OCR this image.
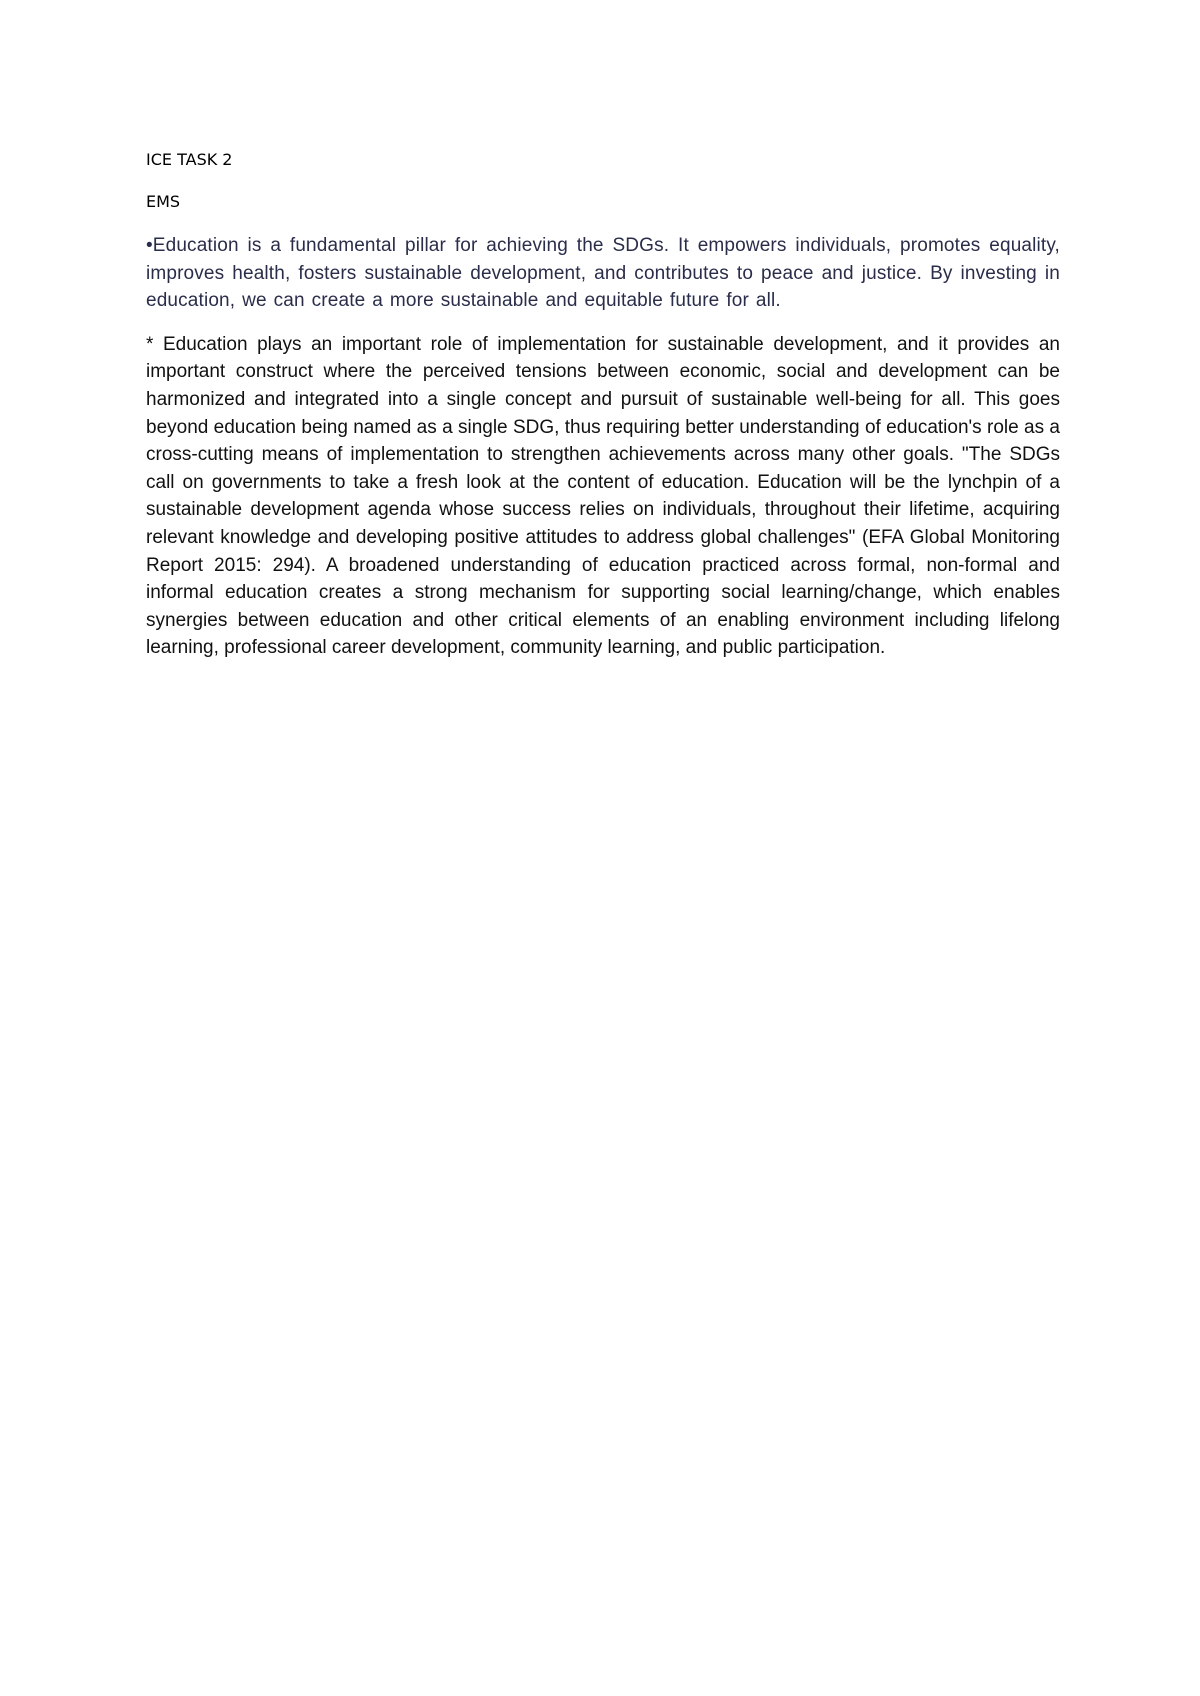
ICE TASK 2

EMS

•Education is a fundamental pillar for achieving the SDGs. It empowers individuals, promotes equality, improves health, fosters sustainable development, and contributes to peace and justice. By investing in education, we can create a more sustainable and equitable future for all.

* Education plays an important role of implementation for sustainable development, and it provides an important construct where the perceived tensions between economic, social and development can be harmonized and integrated into a single concept and pursuit of sustainable well-being for all. This goes beyond education being named as a single SDG, thus requiring better understanding of education's role as a cross-cutting means of implementation to strengthen achievements across many other goals. "The SDGs call on governments to take a fresh look at the content of education. Education will be the lynchpin of a sustainable development agenda whose success relies on individuals, throughout their lifetime, acquiring relevant knowledge and developing positive attitudes to address global challenges" (EFA Global Monitoring Report 2015: 294). A broadened understanding of education practiced across formal, non-formal and informal education creates a strong mechanism for supporting social learning/change, which enables synergies between education and other critical elements of an enabling environment including lifelong learning, professional career development, community learning, and public participation.
